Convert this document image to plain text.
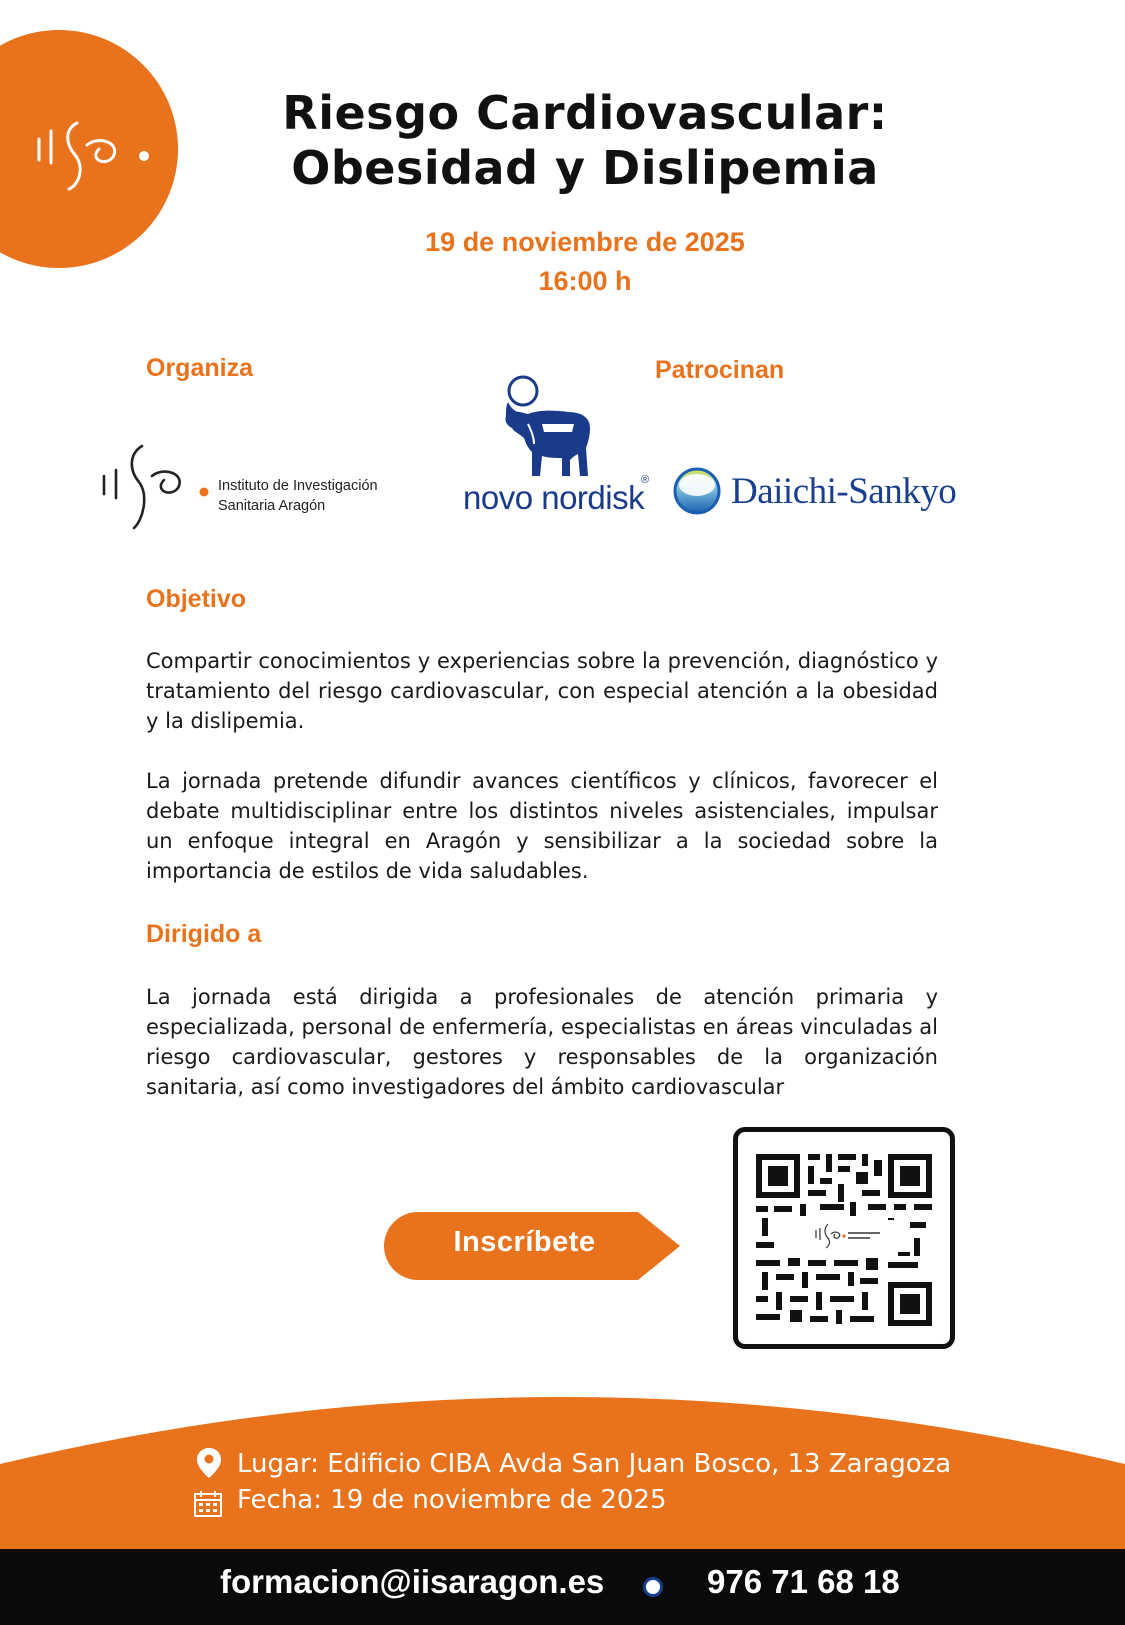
Riesgo Cardiovascular:
Obesidad y Dislipemia
19 de noviembre de 2025
16:00 h
Organiza
Instituto de Investigación
Sanitaria Aragón
Patrocinan
novo nordisk
® Daiichi-Sankyo
Objetivo
Compartir conocimientos y experiencias sobre la prevención, diagnóstico y tratamiento del riesgo cardiovascular, con especial atención a la obesidad y la dislipemia.
La jornada pretende difundir avances científicos y clínicos, favorecer el debate multidisciplinar entre los distintos niveles asistenciales, impulsar un enfoque integral en Aragón y sensibilizar a la sociedad sobre la importancia de estilos de vida saludables.
Dirigido a
La jornada está dirigida a profesionales de atención primaria y especializada, personal de enfermería, especialistas en áreas vinculadas al riesgo cardiovascular, gestores y responsables de la organización sanitaria, así como investigadores del ámbito cardiovascular
Inscríbete
Lugar: Edificio CIBA Avda San Juan Bosco, 13 Zaragoza
Fecha: 19 de noviembre de 2025
formacion@iisaragon.es	976 71 68 18
